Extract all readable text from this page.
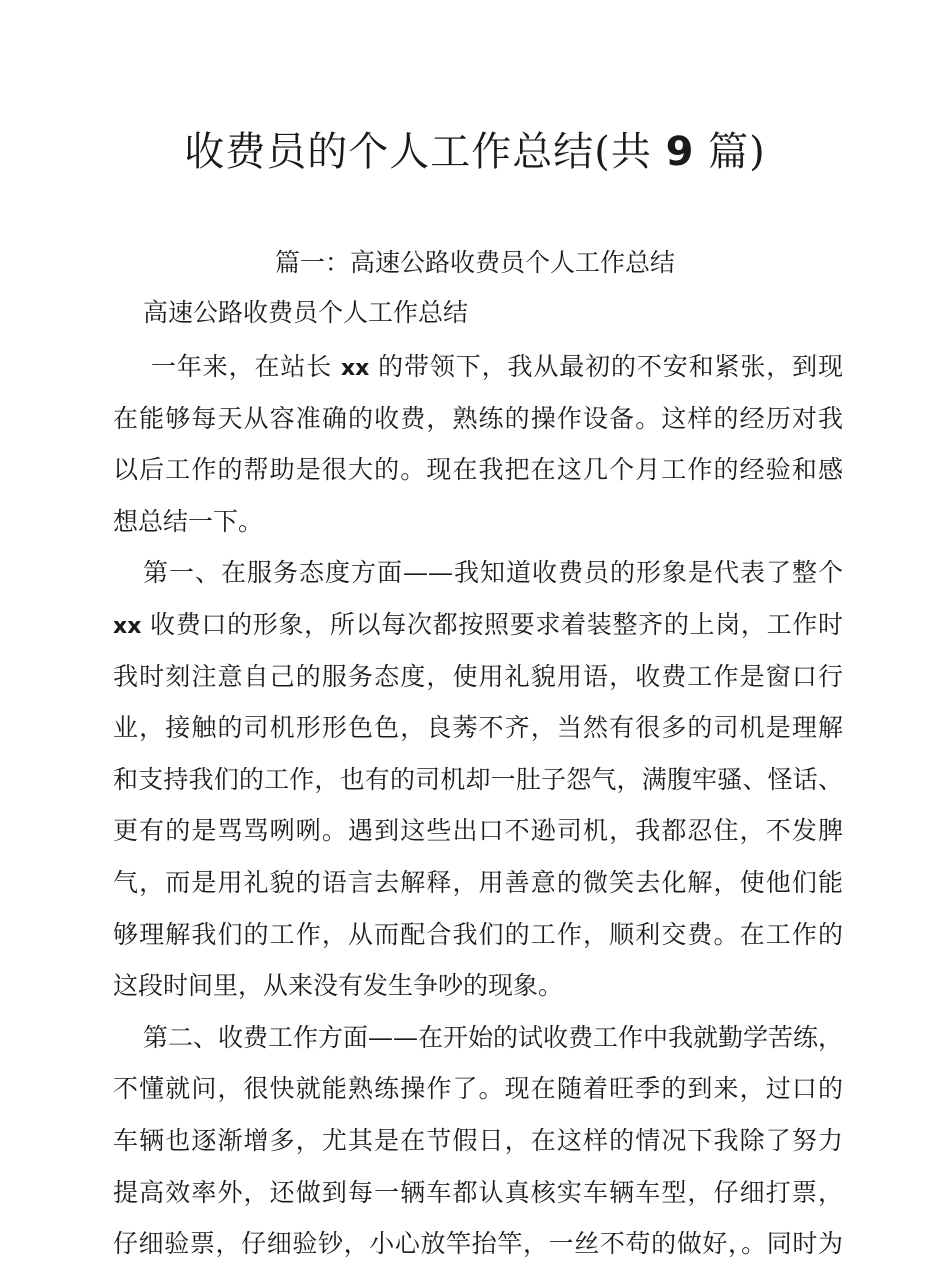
收费员的个人工作总结(共 9 篇)
篇一：高速公路收费员个人工作总结
高速公路收费员个人工作总结
一年来，在站长 xx 的带领下，我从最初的不安和紧张，到现
在能够每天从容准确的收费，熟练的操作设备。这样的经历对我
以后工作的帮助是很大的。现在我把在这几个月工作的经验和感
想总结一下。
第一、在服务态度方面——我知道收费员的形象是代表了整个
xx 收费口的形象，所以每次都按照要求着装整齐的上岗，工作时
我时刻注意自己的服务态度，使用礼貌用语，收费工作是窗口行
业，接触的司机形形色色，良莠不齐，当然有很多的司机是理解
和支持我们的工作，也有的司机却一肚子怨气，满腹牢骚、怪话、
更有的是骂骂咧咧。遇到这些出口不逊司机，我都忍住，不发脾
气，而是用礼貌的语言去解释，用善意的微笑去化解，使他们能
够理解我们的工作，从而配合我们的工作，顺利交费。在工作的
这段时间里，从来没有发生争吵的现象。
第二、收费工作方面——在开始的试收费工作中我就勤学苦练，
不懂就问，很快就能熟练操作了。现在随着旺季的到来，过口的
车辆也逐渐增多，尤其是在节假日，在这样的情况下我除了努力
提高效率外，还做到每一辆车都认真核实车辆车型，仔细打票，
仔细验票，仔细验钞，小心放竿抬竿，一丝不苟的做好，。同时为
